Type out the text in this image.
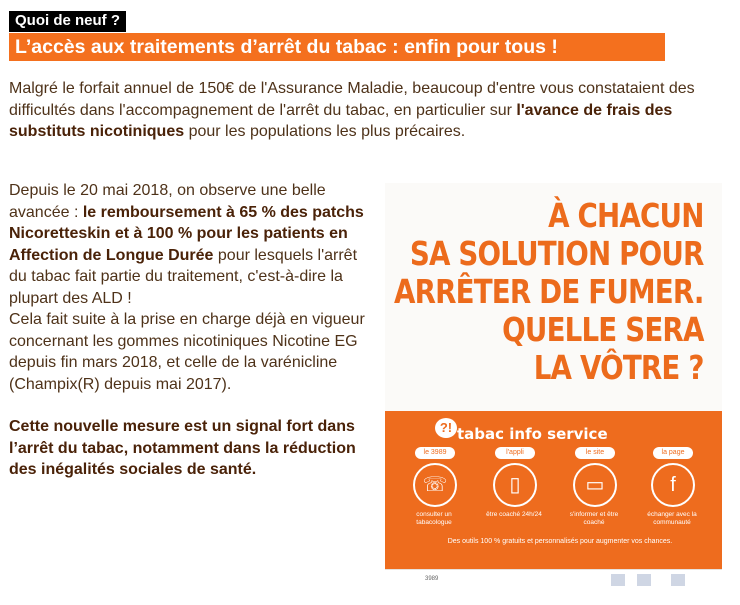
Quoi de neuf ?
L’accès aux traitements d’arrêt du tabac : enfin pour tous !
Malgré le forfait annuel de 150€ de l'Assurance Maladie, beaucoup d'entre vous constataient des difficultés dans l'accompagnement de l'arrêt du tabac, en particulier sur l'avance de frais des substituts nicotiniques pour les populations les plus précaires.

Depuis le 20 mai 2018, on observe une belle avancée : le remboursement à 65 % des patchs Nicoretteskin et à 100 % pour les patients en Affection de Longue Durée pour lesquels l'arrêt du tabac fait partie du traitement, c'est-à-dire la plupart des ALD !

Cela fait suite à la prise en charge déjà en vigueur concernant les gommes nicotiniques Nicotine EG depuis fin mars 2018, et celle de la varénicline (Champix(R) depuis mai 2017).

Cette nouvelle mesure est un signal fort dans l’arrêt du tabac, notamment dans la réduction des inégalités sociales de santé.

À CHACUN
SA SOLUTION POUR
ARRÊTER DE FUMER.
QUELLE SERA
LA VÔTRE ?
?! tabac info service
le 3989
☏
consulter un tabacologue
l'appli
▯
être coaché 24h/24
le site
▭
s'informer et être coaché
la page
f
échanger avec la communauté
Des outils 100 % gratuits et personnalisés pour augmenter vos chances.
3989
